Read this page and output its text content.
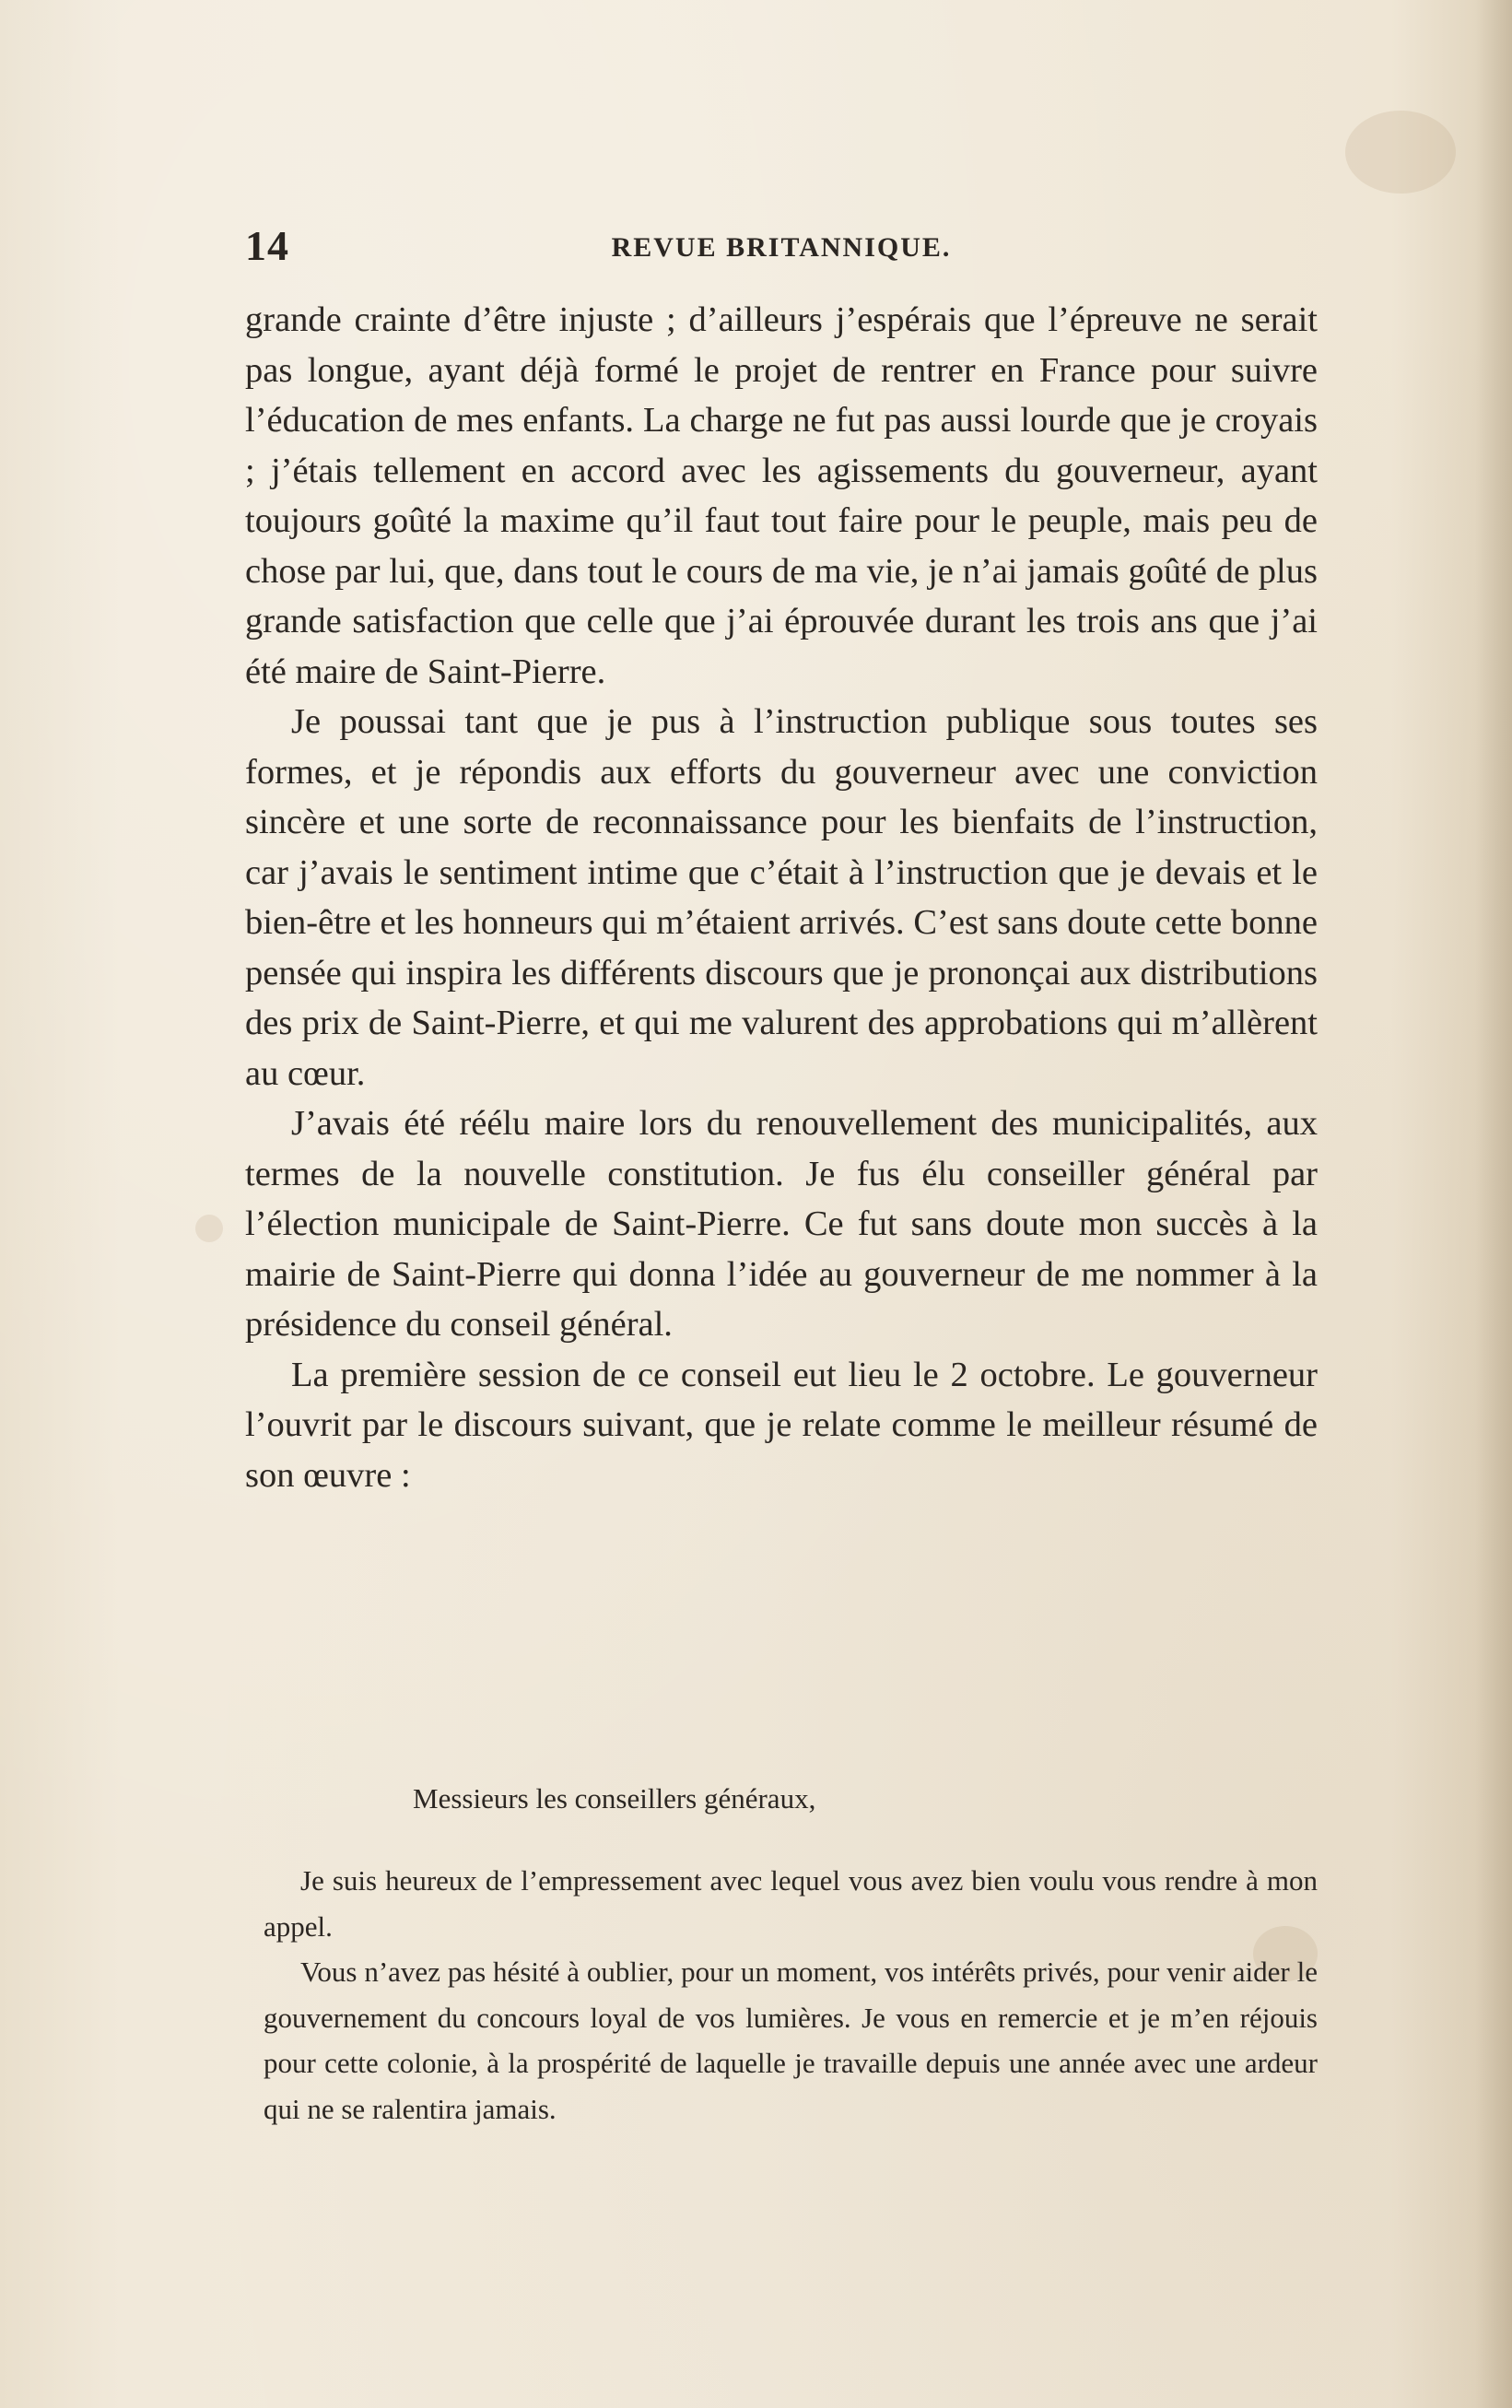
14	REVUE BRITANNIQUE.

grande crainte d’être injuste ; d’ailleurs j’espérais que l’épreuve ne serait pas longue, ayant déjà formé le projet de rentrer en France pour suivre l’éducation de mes enfants. La charge ne fut pas aussi lourde que je croyais ; j’étais tellement en accord avec les agissements du gouverneur, ayant toujours goûté la maxime qu’il faut tout faire pour le peuple, mais peu de chose par lui, que, dans tout le cours de ma vie, je n’ai jamais goûté de plus grande satisfaction que celle que j’ai éprouvée durant les trois ans que j’ai été maire de Saint-Pierre.

Je poussai tant que je pus à l’instruction publique sous toutes ses formes, et je répondis aux efforts du gouverneur avec une conviction sincère et une sorte de reconnaissance pour les bienfaits de l’instruction, car j’avais le sentiment intime que c’était à l’instruction que je devais et le bien-être et les honneurs qui m’étaient arrivés. C’est sans doute cette bonne pensée qui inspira les différents discours que je prononçai aux distributions des prix de Saint-Pierre, et qui me valurent des approbations qui m’allèrent au cœur.

J’avais été réélu maire lors du renouvellement des municipalités, aux termes de la nouvelle constitution. Je fus élu conseiller général par l’élection municipale de Saint-Pierre. Ce fut sans doute mon succès à la mairie de Saint-Pierre qui donna l’idée au gouverneur de me nommer à la présidence du conseil général.

La première session de ce conseil eut lieu le 2 octobre. Le gouverneur l’ouvrit par le discours suivant, que je relate comme le meilleur résumé de son œuvre :

Messieurs les conseillers généraux,

Je suis heureux de l’empressement avec lequel vous avez bien voulu vous rendre à mon appel.

Vous n’avez pas hésité à oublier, pour un moment, vos intérêts privés, pour venir aider le gouvernement du concours loyal de vos lumières. Je vous en remercie et je m’en réjouis pour cette colonie, à la prospérité de laquelle je travaille depuis une année avec une ardeur qui ne se ralentira jamais.
